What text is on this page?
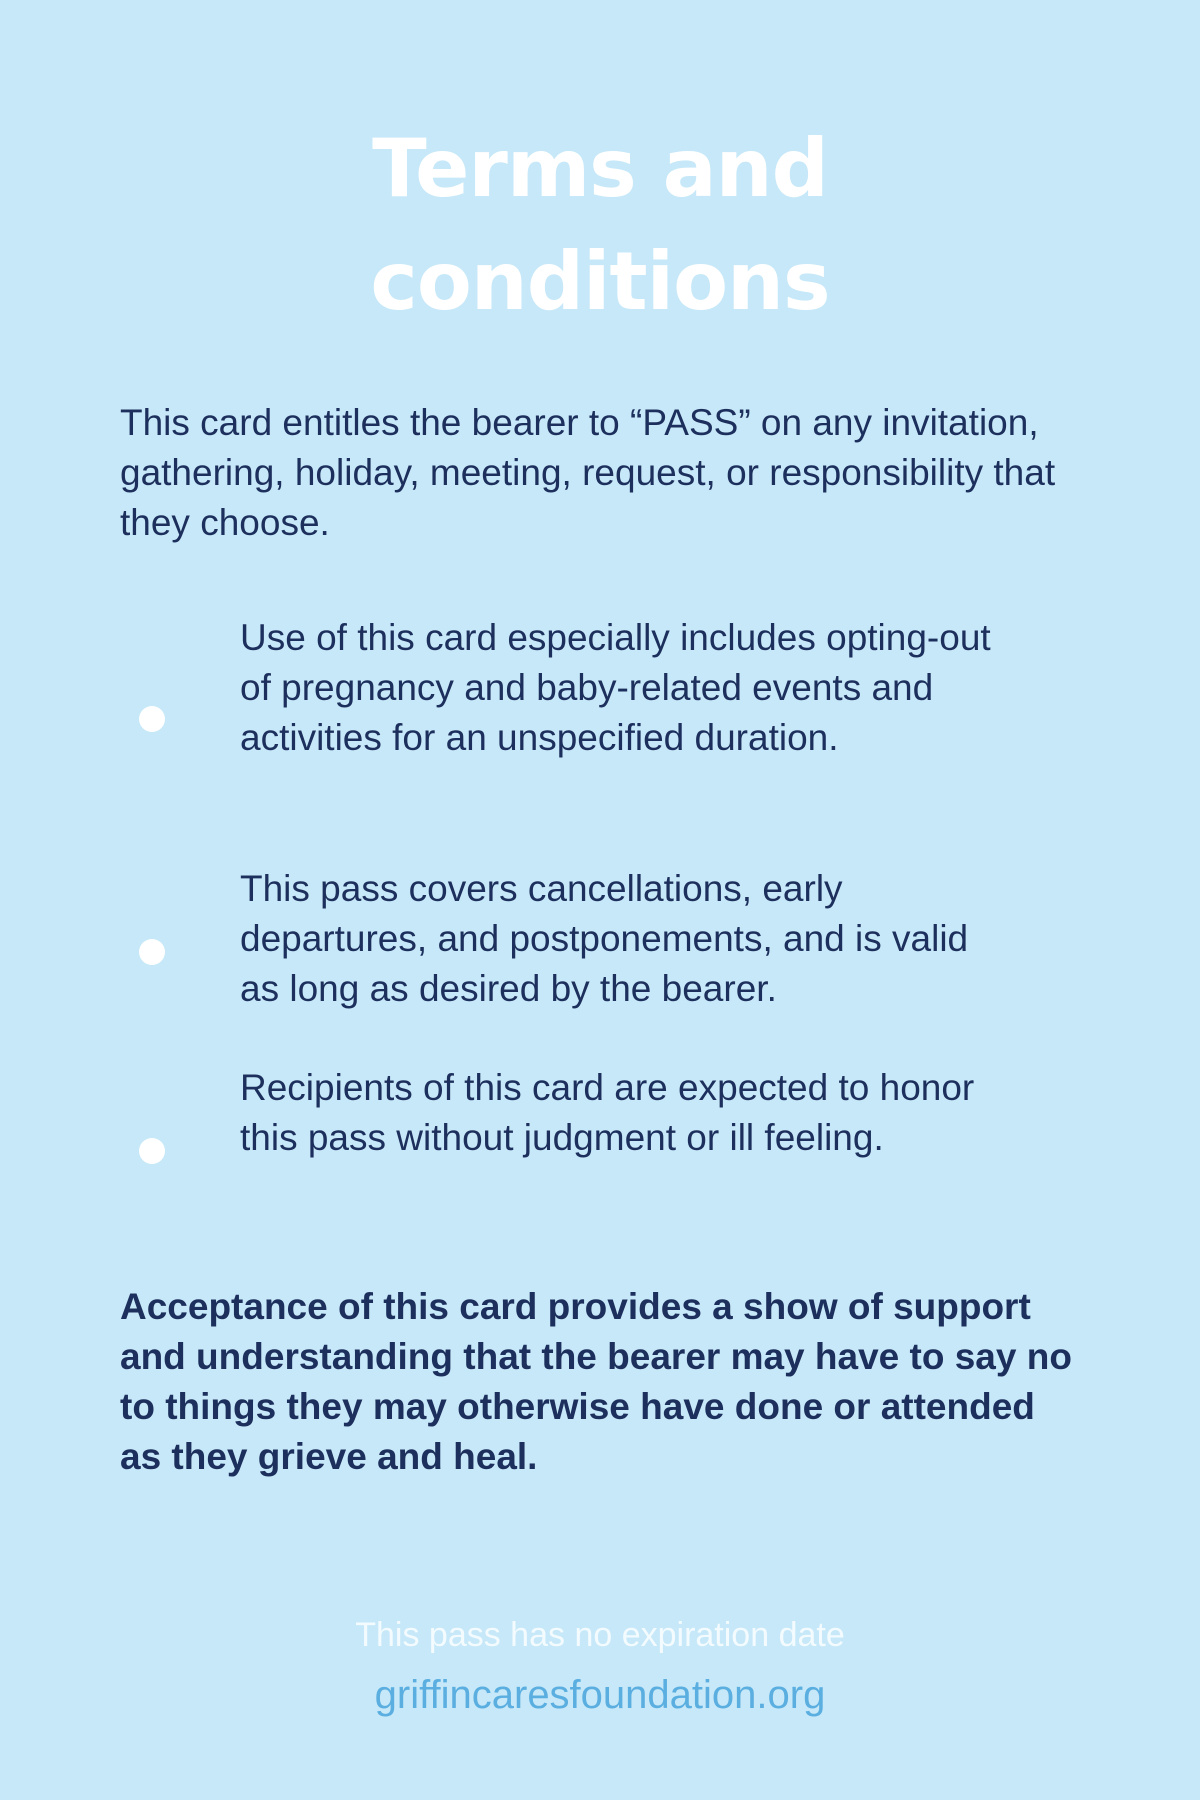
Terms and
conditions

This card entitles the bearer to “PASS” on any invitation, gathering, holiday, meeting, request, or responsibility that they choose.

Use of this card especially includes opting-out of pregnancy and baby-related events and activities for an unspecified duration.
This pass covers cancellations, early departures, and postponements, and is valid as long as desired by the bearer.
Recipients of this card are expected to honor this pass without judgment or ill feeling.

Acceptance of this card provides a show of support and understanding that the bearer may have to say no to things they may otherwise have done or attended as they grieve and heal.

This pass has no expiration date
griffincaresfoundation.org
